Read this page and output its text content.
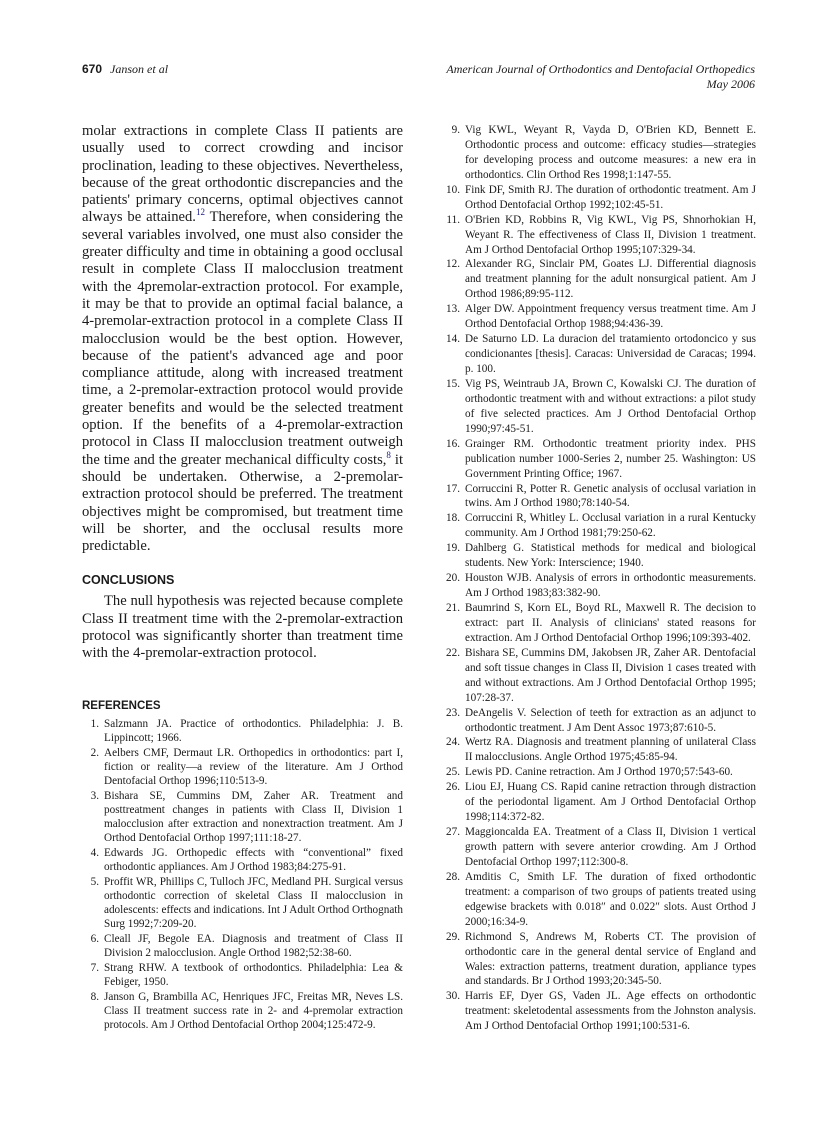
670 Janson et al	American Journal of Orthodontics and Dentofacial Orthopedics
May 2006

molar extractions in complete Class II patients are usually used to correct crowding and incisor proclination, leading to these objectives. Nevertheless, because of the great orthodontic discrepancies and the patients' primary concerns, optimal objectives cannot always be attained.$^{12}$ Therefore, when considering the several variables involved, one must also consider the greater difficulty and time in obtaining a good occlusal result in complete Class II malocclusion treatment with the 4premolar-extraction protocol. For example, it may be that to provide an optimal facial balance, a 4-premolar-extraction protocol in a complete Class II malocclusion would be the best option. However, because of the patient's advanced age and poor compliance attitude, along with increased treatment time, a 2-premolar-extraction protocol would provide greater benefits and would be the selected treatment option. If the benefits of a 4-premolar-extraction protocol in Class II malocclusion treatment outweigh the time and the greater mechanical difficulty costs,$^8$ it should be undertaken. Otherwise, a 2-premolar-extraction protocol should be preferred. The treatment objectives might be compromised, but treatment time will be shorter, and the occlusal results more predictable.

CONCLUSIONS

The null hypothesis was rejected because complete Class II treatment time with the 2-premolar-extraction protocol was significantly shorter than treatment time with the 4-premolar-extraction protocol.

REFERENCES
1. Salzmann JA. Practice of orthodontics. Philadelphia: J. B. Lippincott; 1966.
2. Aelbers CMF, Dermaut LR. Orthopedics in orthodontics: part I, fiction or reality—a review of the literature. Am J Orthod Dentofacial Orthop 1996;110:513-9.
3. Bishara SE, Cummins DM, Zaher AR. Treatment and posttreatment changes in patients with Class II, Division 1 malocclusion after extraction and nonextraction treatment. Am J Orthod Dentofacial Orthop 1997;111:18-27.
4. Edwards JG. Orthopedic effects with “conventional” fixed orthodontic appliances. Am J Orthod 1983;84:275-91.
5. Proffit WR, Phillips C, Tulloch JFC, Medland PH. Surgical versus orthodontic correction of skeletal Class II malocclusion in adolescents: effects and indications. Int J Adult Orthod Orthognath Surg 1992;7:209-20.
6. Cleall JF, Begole EA. Diagnosis and treatment of Class II Division 2 malocclusion. Angle Orthod 1982;52:38-60.
7. Strang RHW. A textbook of orthodontics. Philadelphia: Lea & Febiger, 1950.
8. Janson G, Brambilla AC, Henriques JFC, Freitas MR, Neves LS. Class II treatment success rate in 2- and 4-premolar extraction protocols. Am J Orthod Dentofacial Orthop 2004;125:472-9.
9. Vig KWL, Weyant R, Vayda D, O'Brien KD, Bennett E. Orthodontic process and outcome: efficacy studies—strategies for developing process and outcome measures: a new era in orthodontics. Clin Orthod Res 1998;1:147-55.
10. Fink DF, Smith RJ. The duration of orthodontic treatment. Am J Orthod Dentofacial Orthop 1992;102:45-51.
11. O'Brien KD, Robbins R, Vig KWL, Vig PS, Shnorhokian H, Weyant R. The effectiveness of Class II, Division 1 treatment. Am J Orthod Dentofacial Orthop 1995;107:329-34.
12. Alexander RG, Sinclair PM, Goates LJ. Differential diagnosis and treatment planning for the adult nonsurgical patient. Am J Orthod 1986;89:95-112.
13. Alger DW. Appointment frequency versus treatment time. Am J Orthod Dentofacial Orthop 1988;94:436-39.
14. De Saturno LD. La duracion del tratamiento ortodoncico y sus condicionantes [thesis]. Caracas: Universidad de Caracas; 1994. p. 100.
15. Vig PS, Weintraub JA, Brown C, Kowalski CJ. The duration of orthodontic treatment with and without extractions: a pilot study of five selected practices. Am J Orthod Dentofacial Orthop 1990;97:45-51.
16. Grainger RM. Orthodontic treatment priority index. PHS publication number 1000-Series 2, number 25. Washington: US Government Printing Office; 1967.
17. Corruccini R, Potter R. Genetic analysis of occlusal variation in twins. Am J Orthod 1980;78:140-54.
18. Corruccini R, Whitley L. Occlusal variation in a rural Kentucky community. Am J Orthod 1981;79:250-62.
19. Dahlberg G. Statistical methods for medical and biological students. New York: Interscience; 1940.
20. Houston WJB. Analysis of errors in orthodontic measurements. Am J Orthod 1983;83:382-90.
21. Baumrind S, Korn EL, Boyd RL, Maxwell R. The decision to extract: part II. Analysis of clinicians' stated reasons for extraction. Am J Orthod Dentofacial Orthop 1996;109:393-402.
22. Bishara SE, Cummins DM, Jakobsen JR, Zaher AR. Dentofacial and soft tissue changes in Class II, Division 1 cases treated with and without extractions. Am J Orthod Dentofacial Orthop 1995; 107:28-37.
23. DeAngelis V. Selection of teeth for extraction as an adjunct to orthodontic treatment. J Am Dent Assoc 1973;87:610-5.
24. Wertz RA. Diagnosis and treatment planning of unilateral Class II malocclusions. Angle Orthod 1975;45:85-94.
25. Lewis PD. Canine retraction. Am J Orthod 1970;57:543-60.
26. Liou EJ, Huang CS. Rapid canine retraction through distraction of the periodontal ligament. Am J Orthod Dentofacial Orthop 1998;114:372-82.
27. Maggioncalda EA. Treatment of a Class II, Division 1 vertical growth pattern with severe anterior crowding. Am J Orthod Dentofacial Orthop 1997;112:300-8.
28. Amditis C, Smith LF. The duration of fixed orthodontic treatment: a comparison of two groups of patients treated using edgewise brackets with 0.018″ and 0.022″ slots. Aust Orthod J 2000;16:34-9.
29. Richmond S, Andrews M, Roberts CT. The provision of orthodontic care in the general dental service of England and Wales: extraction patterns, treatment duration, appliance types and standards. Br J Orthod 1993;20:345-50.
30. Harris EF, Dyer GS, Vaden JL. Age effects on orthodontic treatment: skeletodental assessments from the Johnston analysis. Am J Orthod Dentofacial Orthop 1991;100:531-6.
